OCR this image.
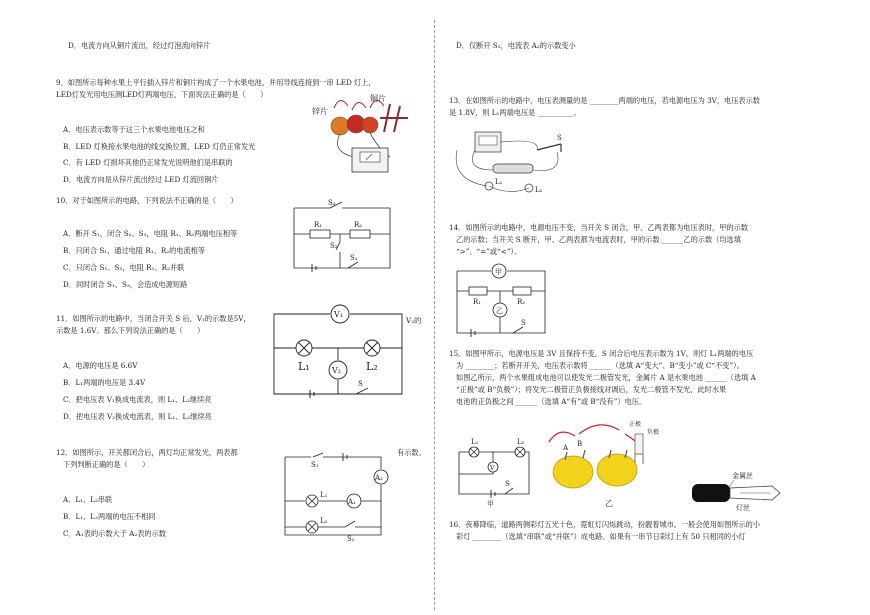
D．电流方向从铜片流出，经过灯泡流向锌片
9．如图所示每种水果上平行插入锌片和铜片构成了一个水果电池，并用导线连接到一串 LED 灯上，
LED灯发光用电压测LED灯两端电压，下面说法正确的是（　　）
A．电压表示数等于这三个水果电池电压之和
B．LED 灯换接水果电池的线交换位置，LED 灯仍正常发光
C．有 LED 灯损坏其他仍正常发光说明他们是串联的
D．电流方向是从锌片流出经过 LED 灯流回铜片
锌片
铜片
10．对于如图所示的电路，下列说法不正确的是（　　）
A．断开 S₁，闭合 S₂、S₃，电阻 R₁、R₂两端电压相等
B．只闭合 S₁，通过电阻 R₁、R₂的电流相等
C．只闭合 S₁、S₂，电阻 R₁、R₂并联
D．同时闭合 S₁、S₃，会造成电源短路
S₃
R₁	R₂
S₂
S₁
11．如图所示的电路中，当闭合开关 S 后，V₁的示数是5V，
示数是 1.6V。那么下列说法正确的是（　　）
V₂的
A．电源的电压是 6.6V
B．L₁两端的电压是 3.4V
C．把电压表 V₁换成电流表，则 L₁、L₂继续亮
D．把电压表 V₂换成电流表，则 L₁、L₂继续亮
V₁
L₁	L₂
V₂
S
12．如图所示，开关都闭合后，两灯均正常发光，两表都	有示数。
下列判断正确的是（　　）
A．L₁、L₂串联
B．L₁、L₂两端的电压不相同
C．A₁表的示数大于 A₂表的示数
S₁
A₂
L₁
A₁
L₂
S₂
D．仅断开 S₂，电流表 A₂的示数变小
13．在如图所示的电路中，电压表测量的是 ________两端的电压，若电源电压为 3V，电压表示数
是 1.8V，则 L₁两端电压是 __________。
S
L₁
L₂
14．如图所示的电路中，电源电压不变，当开关 S 闭合，甲、乙两表都为电压表时，甲的示数
乙的示数；当开关 S 断开，甲、乙两表都为电流表时，甲的示数 ______乙的示数（均选填
“>”、“=”或“<”）。
甲
R₁	R₂
乙
S
15．如图甲所示，电源电压是 3V 且保持不变，S 闭合后电压表示数为 1V，则灯 L₁两端的电压
为 ________；若断开开关，电压表示数将 ______（选填 A“变大”、B“变小”或 C“不变”）。
如图乙所示，两个水果组成电池可以使发光二极管发光，金属片 A 是水果电池 ______（选填 A
“正极”或 B“负极”）；将发光二极管正负极接线对调后，发光二极管不发光，此时水果
电池的正负极之间 ______（选填 A“有”或 B“没有”）电压。
L₁	L₂
V
S
甲
A B
正极
负极
乙
金属丝
灯丝
16．夜幕降临，道路两侧彩灯五光十色，霓虹灯闪烁跳动，扮靓着城市。一般会使用如图所示的小
彩灯 ________（选填“串联”或“并联”）成电路。如果有一串节日彩灯上有 50 只相同的小灯
